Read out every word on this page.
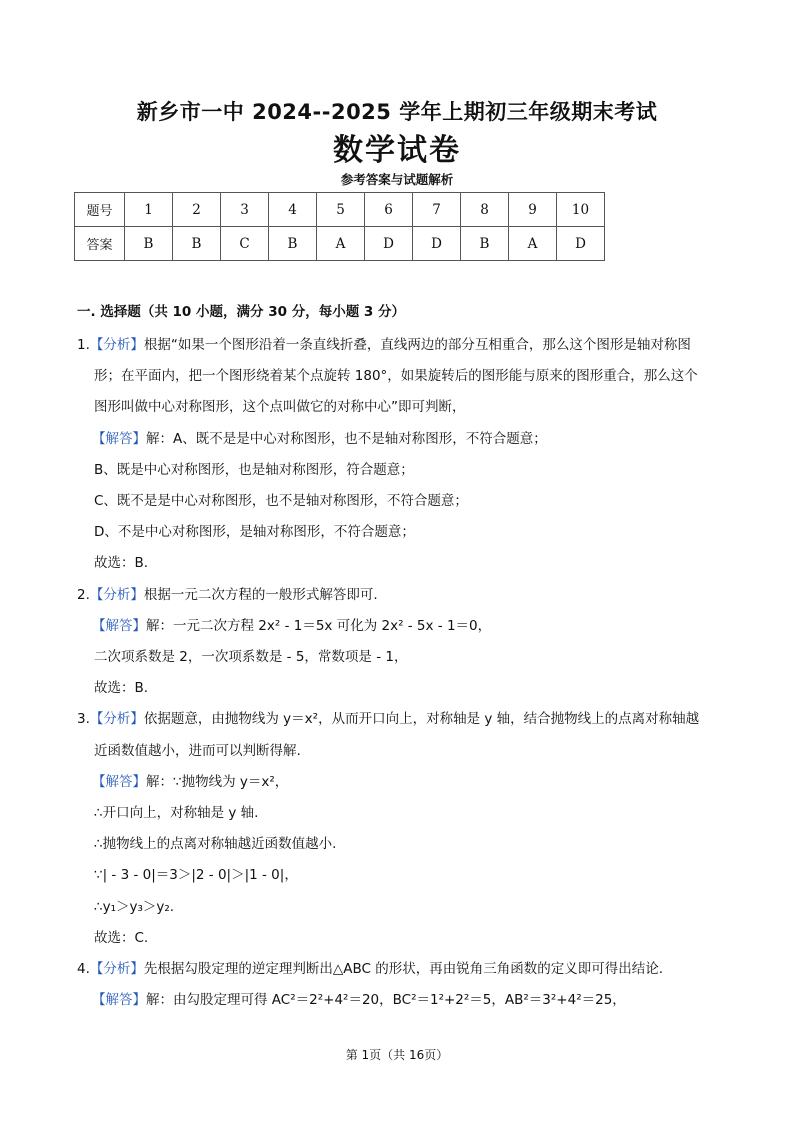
新乡市一中 2024--2025 学年上期初三年级期末考试
数学试卷
参考答案与试题解析
题号	1	2	3	4	5	6	7	8	9	10
答案	B	B	C	B	A	D	D	B	A	D
一. 选择题（共 10 小题，满分 30 分，每小题 3 分）
1.【分析】根据“如果一个图形沿着一条直线折叠，直线两边的部分互相重合，那么这个图形是轴对称图
形；在平面内，把一个图形绕着某个点旋转 180°，如果旋转后的图形能与原来的图形重合，那么这个
图形叫做中心对称图形，这个点叫做它的对称中心”即可判断，
【解答】解：A、既不是是中心对称图形，也不是轴对称图形，不符合题意；
B、既是中心对称图形，也是轴对称图形，符合题意；
C、既不是是中心对称图形，也不是轴对称图形，不符合题意；
D、不是中心对称图形，是轴对称图形，不符合题意；
故选：B.
2.【分析】根据一元二次方程的一般形式解答即可.
【解答】解：一元二次方程 2x² - 1＝5x 可化为 2x² - 5x - 1＝0，
二次项系数是 2，一次项系数是 - 5，常数项是 - 1，
故选：B.
3.【分析】依据题意，由抛物线为 y＝x²，从而开口向上，对称轴是 y 轴，结合抛物线上的点离对称轴越
近函数值越小，进而可以判断得解.
【解答】解：∵抛物线为 y＝x²，
∴开口向上，对称轴是 y 轴.
∴抛物线上的点离对称轴越近函数值越小.
∵| - 3 - 0|＝3＞|2 - 0|＞|1 - 0|，
∴y₁＞y₃＞y₂.
故选：C.
4.【分析】先根据勾股定理的逆定理判断出△ABC 的形状，再由锐角三角函数的定义即可得出结论.
【解答】解：由勾股定理可得 AC²＝2²+4²＝20，BC²＝1²+2²＝5，AB²＝3²+4²＝25，
第 1页（共 16页）
